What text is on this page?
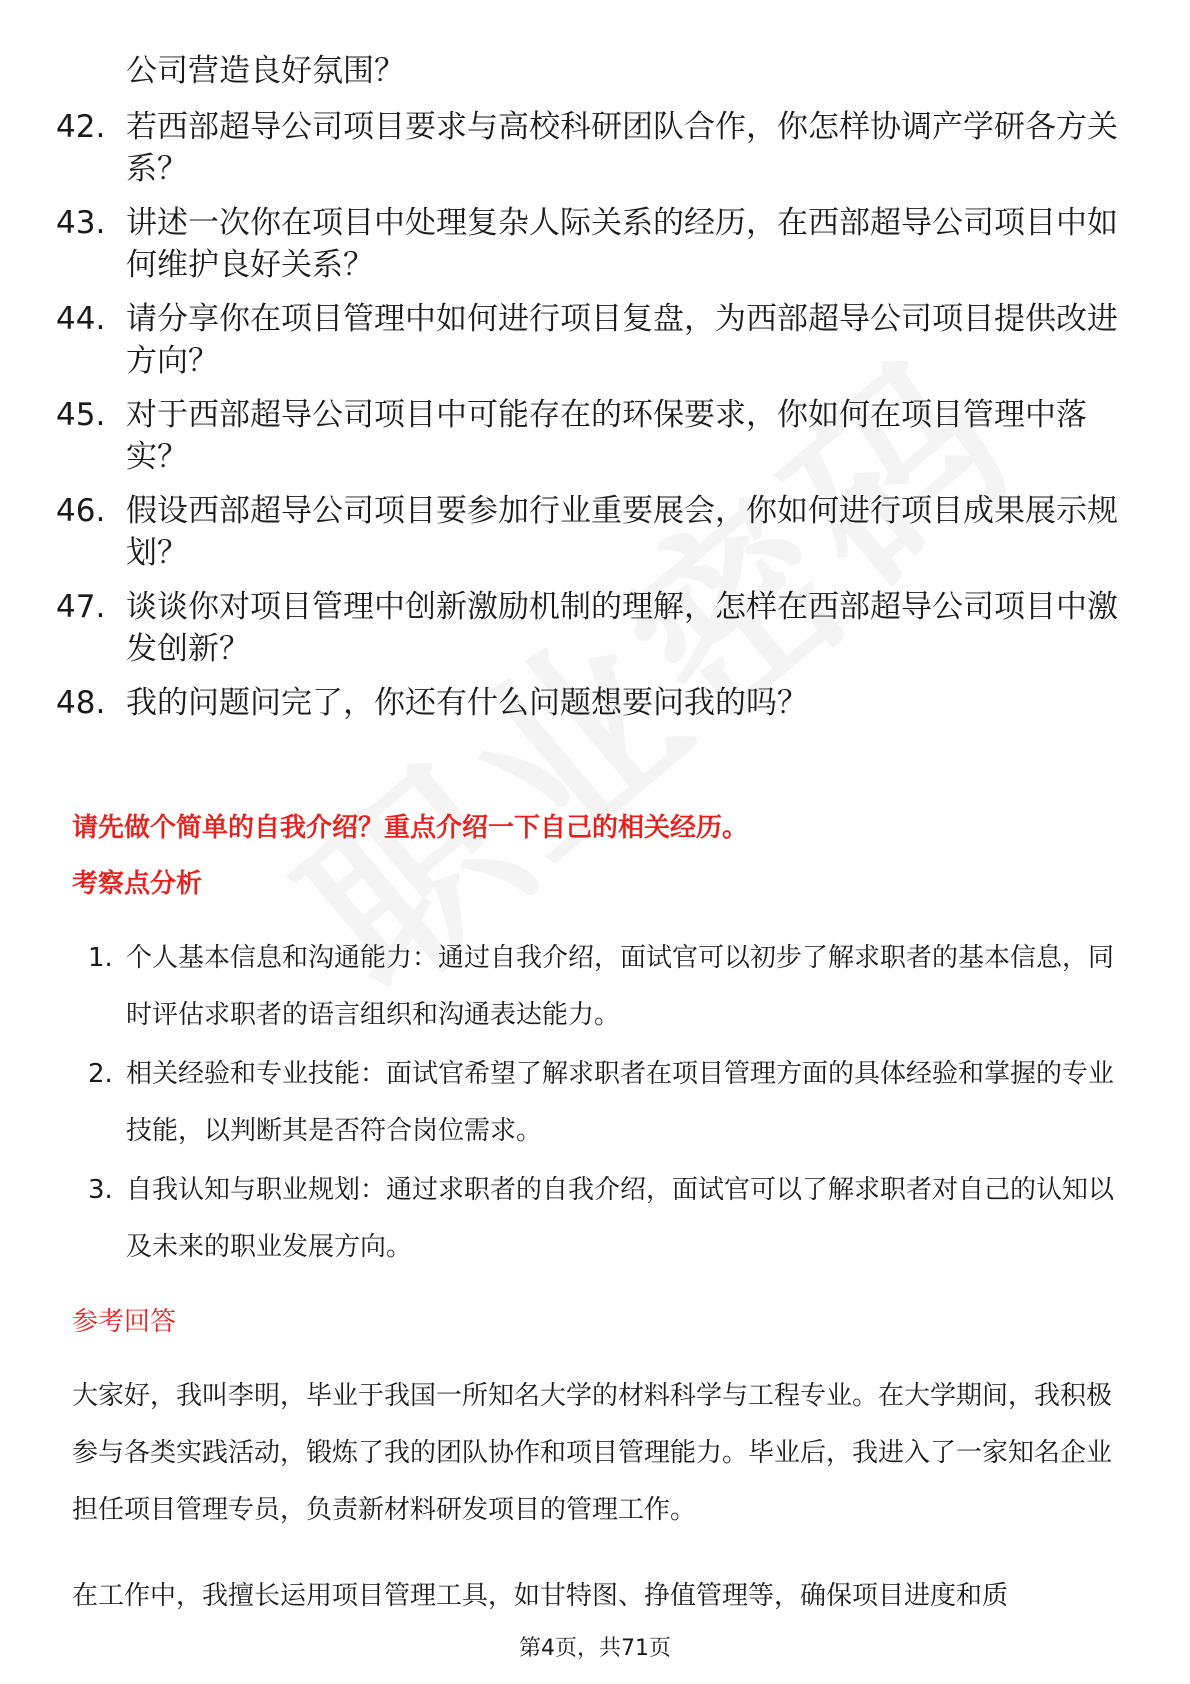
公司营造良好氛围？
42. 若西部超导公司项目要求与高校科研团队合作，你怎样协调产学研各方关系？
43. 讲述一次你在项目中处理复杂人际关系的经历，在西部超导公司项目中如何维护良好关系？
44. 请分享你在项目管理中如何进行项目复盘，为西部超导公司项目提供改进方向？
45. 对于西部超导公司项目中可能存在的环保要求，你如何在项目管理中落实？
46. 假设西部超导公司项目要参加行业重要展会，你如何进行项目成果展示规划？
47. 谈谈你对项目管理中创新激励机制的理解，怎样在西部超导公司项目中激发创新？
48. 我的问题问完了，你还有什么问题想要问我的吗？
请先做个简单的自我介绍？重点介绍一下自己的相关经历。
考察点分析
1. 个人基本信息和沟通能力：通过自我介绍，面试官可以初步了解求职者的基本信息，同时评估求职者的语言组织和沟通表达能力。
2. 相关经验和专业技能：面试官希望了解求职者在项目管理方面的具体经验和掌握的专业技能，以判断其是否符合岗位需求。
3. 自我认知与职业规划：通过求职者的自我介绍，面试官可以了解求职者对自己的认知以及未来的职业发展方向。
参考回答
大家好，我叫李明，毕业于我国一所知名大学的材料科学与工程专业。在大学期间，我积极参与各类实践活动，锻炼了我的团队协作和项目管理能力。毕业后，我进入了一家知名企业担任项目管理专员，负责新材料研发项目的管理工作。
在工作中，我擅长运用项目管理工具，如甘特图、挣值管理等，确保项目进度和质
第4页，共71页
